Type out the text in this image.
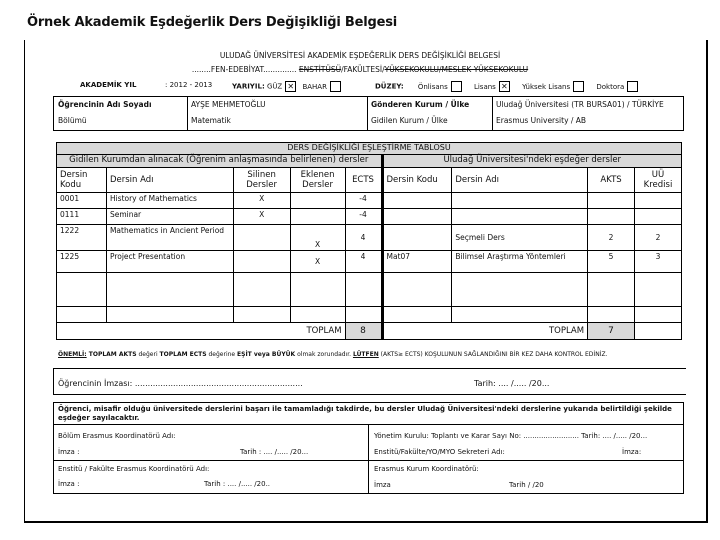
Örnek Akademik Eşdeğerlik Ders Değişikliği Belgesi
ULUDAĞ ÜNİVERSİTESİ AKADEMİK EŞDEĞERLİK DERS DEĞİŞİKLİĞİ BELGESİ
........FEN-EDEBİYAT.............. ENSTİTÜSÜ/FAKÜLTESİ/YÜKSEKOKULU/MESLEK YÜKSEKOKULU
AKADEMİK YIL	: 2012 - 2013	YARIYIL: GÜZ ✕	BAHAR	DÜZEY: Önlisans	Lisans ✕	Yüksek Lisans	Doktora
Öğrencinin Adı Soyadı	AYŞE MEHMETOĞLU
Bölümü	Matematik
Gönderen Kurum / Ülke	Uludağ Üniversitesi (TR BURSA01) / TÜRKİYE
Gidilen Kurum / Ülke	Erasmus University / AB
DERS DEĞİŞİKLİĞİ EŞLEŞTİRME TABLOSU								
Gidilen Kurumdan alınacak (Öğrenim anlaşmasında belirlenen) dersler					Uludağ Üniversitesi'ndeki eşdeğer dersler			
Dersin Kodu	Dersin Adı	Silinen Dersler	Eklenen Dersler	ECTS	Dersin Kodu	Dersin Adı	AKTS	UÜ Kredisi
0001	History of Mathematics	X		-4				
0111	Seminar	X		-4				
1222	Mathematics in Ancient Period		X	4		Seçmeli Ders	2	2
1225	Project Presentation		X	4	Mat07	Bilimsel Araştırma Yöntemleri	5	3

TOPLAM				8	TOPLAM		7	
ÖNEMLİ: TOPLAM AKTS değeri TOPLAM ECTS değerine EŞİT veya BÜYÜK olmak zorundadır. LÜTFEN (AKTS≥ ECTS) KOŞULUNUN SAĞLANDIĞINI BİR KEZ DAHA KONTROL EDİNİZ.
Öğrencinin İmzası: ..................................................................	Tarih: .... /..... /20...
Öğrenci, misafir olduğu üniversitede derslerini başarı ile tamamladığı takdirde, bu dersler Uludağ Üniversitesi'ndeki derslerine yukarıda belirtildiği şekilde eşdeğer sayılacaktır.
Bölüm Erasmus Koordinatörü Adı:
İmza :	Tarih : .... /..... /20...
Yönetim Kurulu: Toplantı ve Karar Sayı No: ......................... Tarih: .... /..... /20...
Enstitü/Fakülte/YO/MYO Sekreteri Adı:	İmza:
Enstitü / Fakülte Erasmus Koordinatörü Adı:
İmza :	Tarih : .... /..... /20..
Erasmus Kurum Koordinatörü:
İmza	Tarih / /20
